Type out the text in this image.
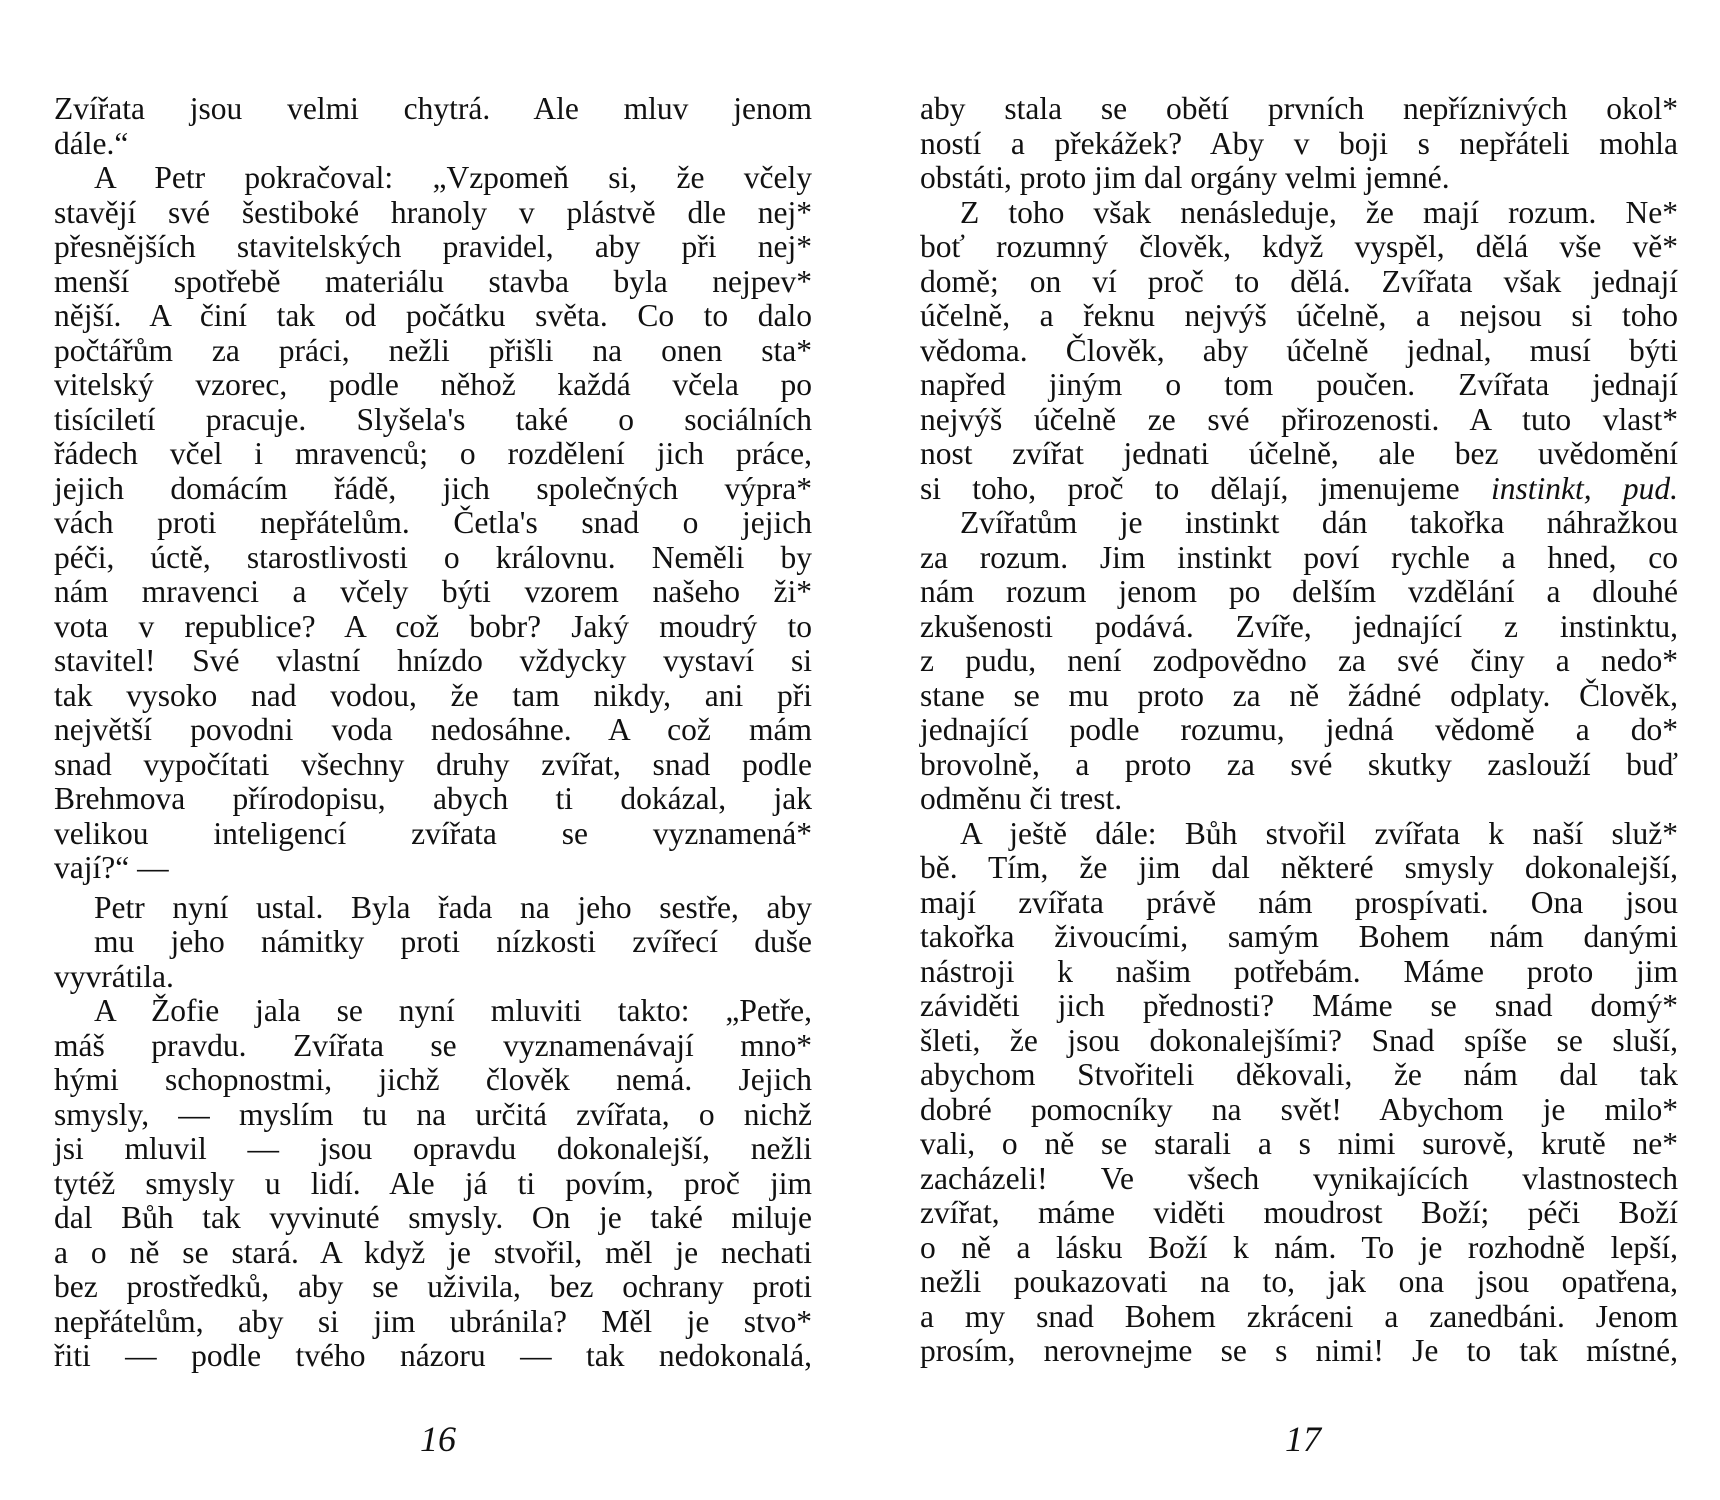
Zvířata jsou velmi chytrá. Ale mluv jenom
dále.“
A Petr pokračoval: „Vzpomeň si, že včely
stavějí své šestiboké hranoly v plástvě dle nej*
přesnějších stavitelských pravidel, aby při nej*
menší spotřebě materiálu stavba byla nejpev*
nější. A činí tak od počátku světa. Co to dalo
počtářům za práci, nežli přišli na onen sta*
vitelský vzorec, podle něhož každá včela po
tisíciletí pracuje. Slyšela's také o sociálních
řádech včel i mravenců; o rozdělení jich práce,
jejich domácím řádě, jich společných výpra*
vách proti nepřátelům. Četla's snad o jejich
péči, úctě, starostlivosti o královnu. Neměli by
nám mravenci a včely býti vzorem našeho ži*
vota v republice? A což bobr? Jaký moudrý to
stavitel! Své vlastní hnízdo vždycky vystaví si
tak vysoko nad vodou, že tam nikdy, ani při
největší povodni voda nedosáhne. A což mám
snad vypočítati všechny druhy zvířat, snad podle
Brehmova přírodopisu, abych ti dokázal, jak
velikou inteligencí zvířata se vyznamená*
vají?“ —
Petr nyní ustal. Byla řada na jeho sestře, aby
mu jeho námitky proti nízkosti zvířecí duše
vyvrátila.
A Žofie jala se nyní mluviti takto: „Petře,
máš pravdu. Zvířata se vyznamenávají mno*
hými schopnostmi, jichž člověk nemá. Jejich
smysly, — myslím tu na určitá zvířata, o nichž
jsi mluvil — jsou opravdu dokonalejší, nežli
tytéž smysly u lidí. Ale já ti povím, proč jim
dal Bůh tak vyvinuté smysly. On je také miluje
a o ně se stará. A když je stvořil, měl je nechati
bez prostředků, aby se uživila, bez ochrany proti
nepřátelům, aby si jim ubránila? Měl je stvo*
řiti — podle tvého názoru — tak nedokonalá,
16
aby stala se obětí prvních nepříznivých okol*
ností a překážek? Aby v boji s nepřáteli mohla
obstáti, proto jim dal orgány velmi jemné.
Z toho však nenásleduje, že mají rozum. Ne*
boť rozumný člověk, když vyspěl, dělá vše vě*
domě; on ví proč to dělá. Zvířata však jednají
účelně, a řeknu nejvýš účelně, a nejsou si toho
vědoma. Člověk, aby účelně jednal, musí býti
napřed jiným o tom poučen. Zvířata jednají
nejvýš účelně ze své přirozenosti. A tuto vlast*
nost zvířat jednati účelně, ale bez uvědomění
si toho, proč to dělají, jmenujeme instinkt, pud.
Zvířatům je instinkt dán takořka náhražkou
za rozum. Jim instinkt poví rychle a hned, co
nám rozum jenom po delším vzdělání a dlouhé
zkušenosti podává. Zvíře, jednající z instinktu,
z pudu, není zodpovědno za své činy a nedo*
stane se mu proto za ně žádné odplaty. Člověk,
jednající podle rozumu, jedná vědomě a do*
brovolně, a proto za své skutky zaslouží buď
odměnu či trest.
A ještě dále: Bůh stvořil zvířata k naší služ*
bě. Tím, že jim dal některé smysly dokonalejší,
mají zvířata právě nám prospívati. Ona jsou
takořka živoucími, samým Bohem nám danými
nástroji k našim potřebám. Máme proto jim
záviděti jich přednosti? Máme se snad domý*
šleti, že jsou dokonalejšími? Snad spíše se sluší,
abychom Stvořiteli děkovali, že nám dal tak
dobré pomocníky na svět! Abychom je milo*
vali, o ně se starali a s nimi surově, krutě ne*
zacházeli! Ve všech vynikajících vlastnostech
zvířat, máme viděti moudrost Boží; péči Boží
o ně a lásku Boží k nám. To je rozhodně lepší,
nežli poukazovati na to, jak ona jsou opatřena,
a my snad Bohem zkráceni a zanedbáni. Jenom
prosím, nerovnejme se s nimi! Je to tak místné,
17
